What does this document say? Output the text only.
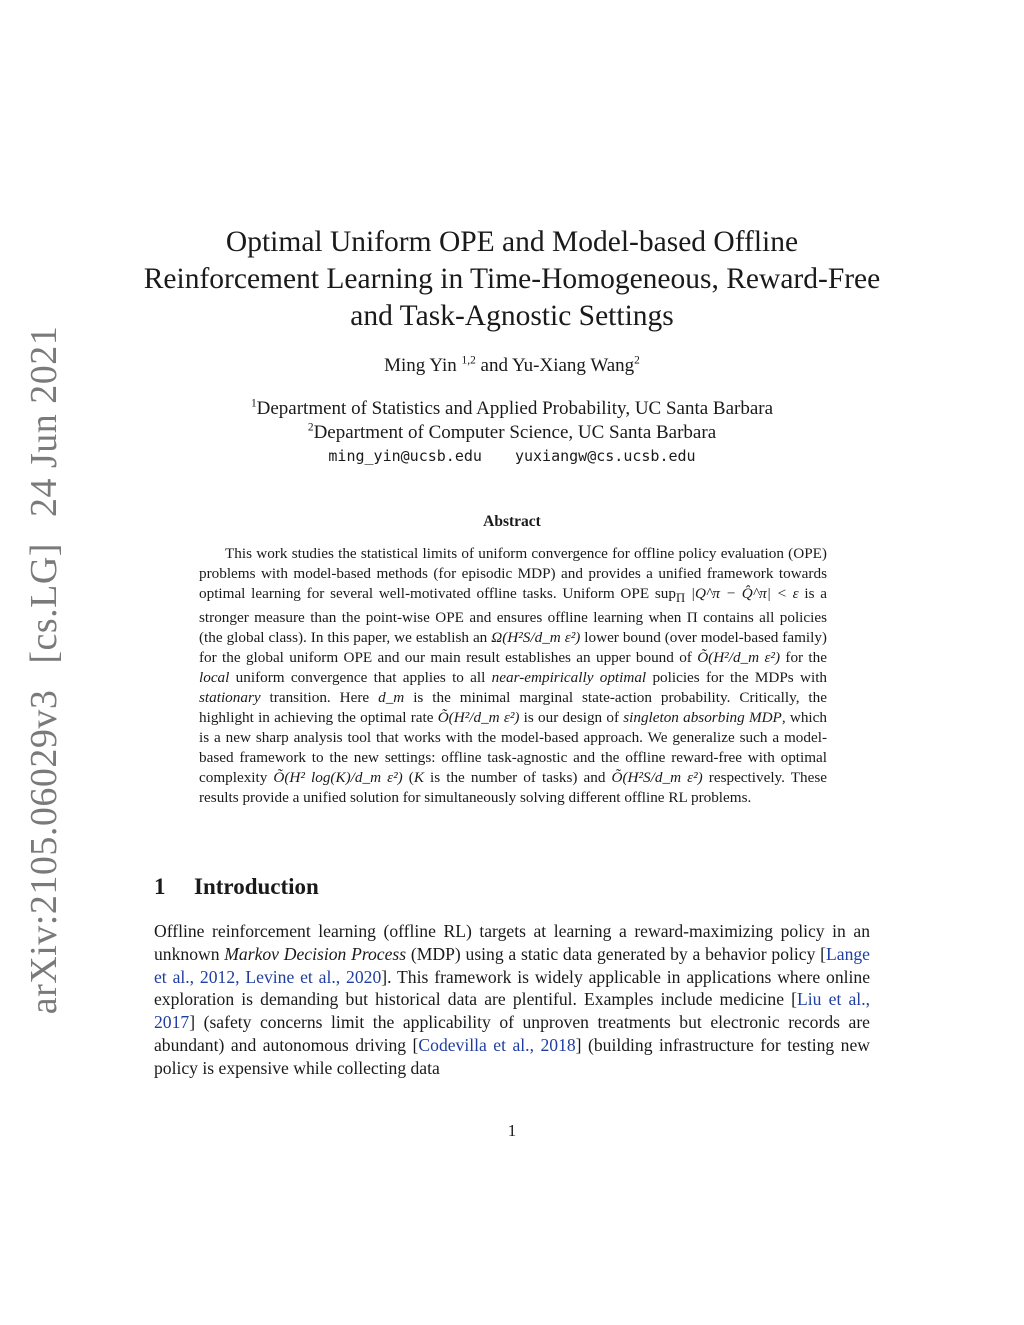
arXiv:2105.06029v3 [cs.LG] 24 Jun 2021
Optimal Uniform OPE and Model-based Offline
Reinforcement Learning in Time-Homogeneous, Reward-Free
and Task-Agnostic Settings
Ming Yin $^{1,2}$ and Yu-Xiang Wang$^2$
$^1$Department of Statistics and Applied Probability, UC Santa Barbara
$^2$Department of Computer Science, UC Santa Barbara
ming_yin@ucsb.edu yuxiangw@cs.ucsb.edu
Abstract

This work studies the statistical limits of uniform convergence for offline policy evaluation (OPE) problems with model-based methods (for episodic MDP) and provides a unified framework towards optimal learning for several well-motivated offline tasks. Uniform OPE sup$_\Pi$ |Q^π − Q̂^π| < ε is a stronger measure than the point-wise OPE and ensures offline learning when Π contains all policies (the global class). In this paper, we establish an Ω(H²S/d_m ε²) lower bound (over model-based family) for the global uniform OPE and our main result establishes an upper bound of Õ(H²/d_m ε²) for the local uniform convergence that applies to all near-empirically optimal policies for the MDPs with stationary transition. Here d_m is the minimal marginal state-action probability. Critically, the highlight in achieving the optimal rate Õ(H²/d_m ε²) is our design of singleton absorbing MDP, which is a new sharp analysis tool that works with the model-based approach. We generalize such a model-based framework to the new settings: offline task-agnostic and the offline reward-free with optimal complexity Õ(H² log(K)/d_m ε²) (K is the number of tasks) and Õ(H²S/d_m ε²) respectively. These results provide a unified solution for simultaneously solving different offline RL problems.

1 Introduction

Offline reinforcement learning (offline RL) targets at learning a reward-maximizing policy in an unknown Markov Decision Process (MDP) using a static data generated by a behavior policy [Lange et al., 2012, Levine et al., 2020]. This framework is widely applicable in applications where online exploration is demanding but historical data are plentiful. Examples include medicine [Liu et al., 2017] (safety concerns limit the applicability of unproven treatments but electronic records are abundant) and autonomous driving [Codevilla et al., 2018] (building infrastructure for testing new policy is expensive while collecting data

1
